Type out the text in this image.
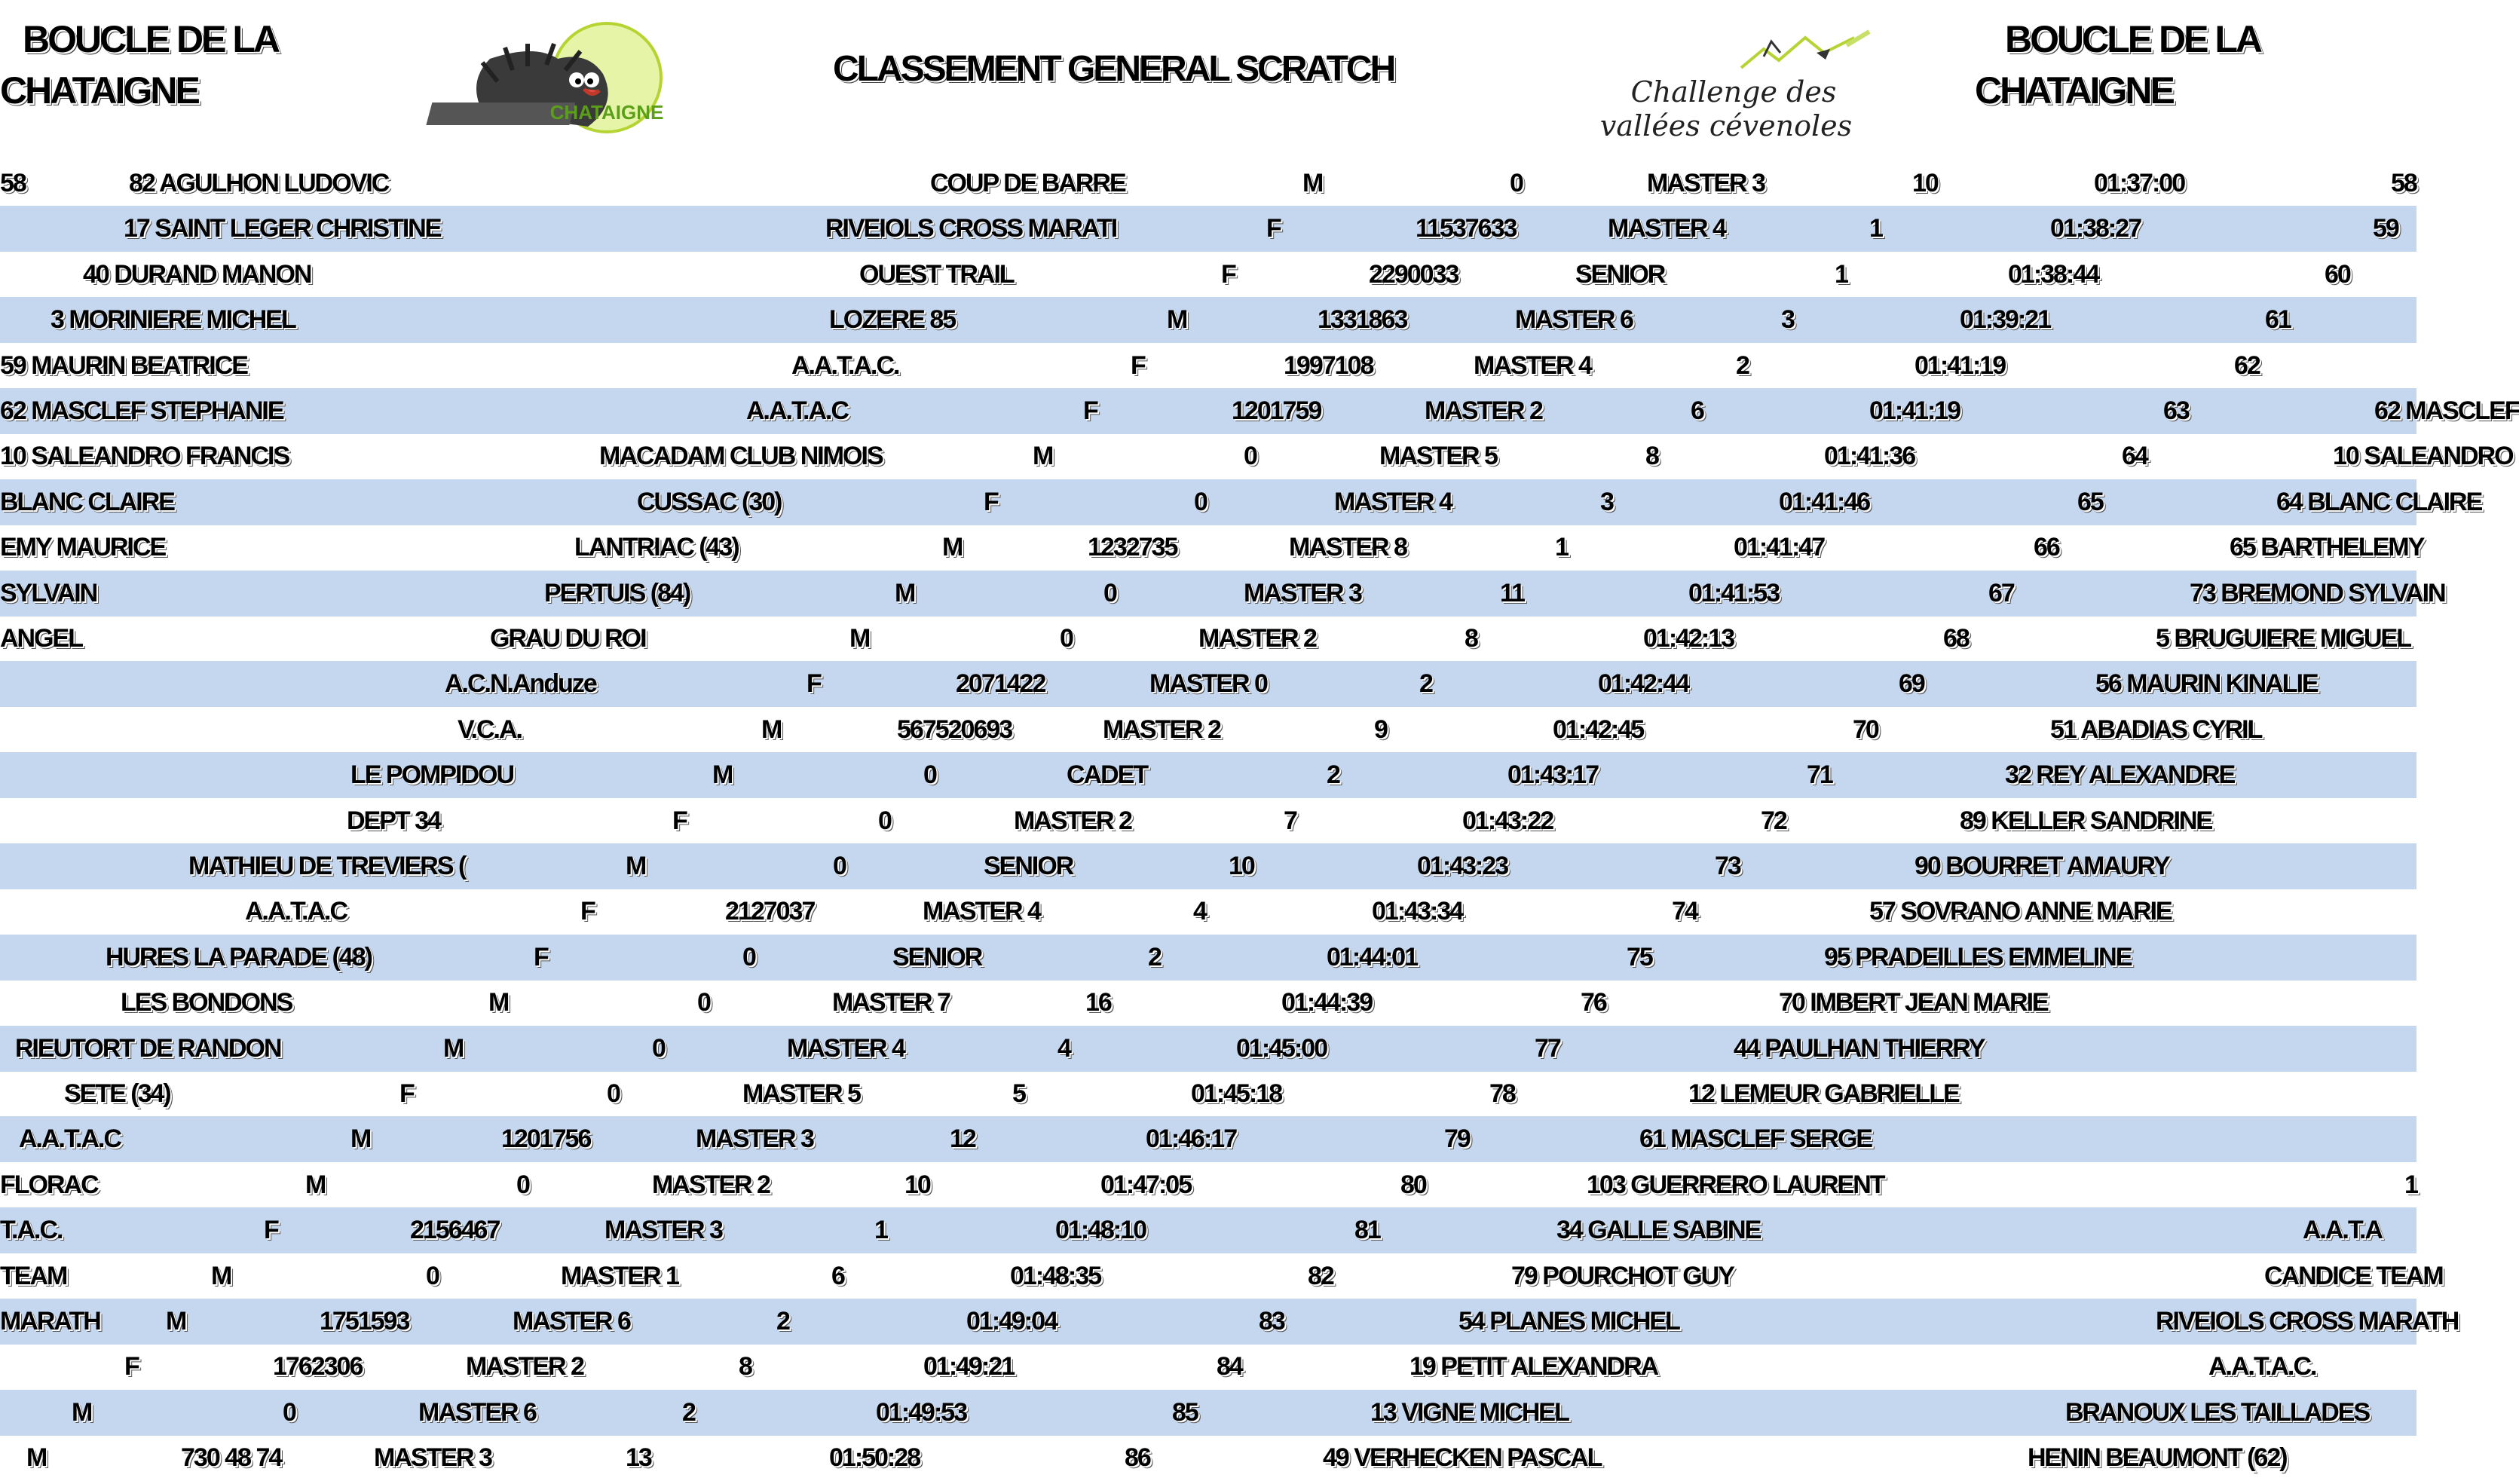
BOUCLE DE LA
CHATAIGNE
CHATAIGNE
CLASSEMENT GENERAL SCRATCH
Challenge des
vallées cévenoles
BOUCLE DE LA
CHATAIGNE
58	82 AGULHON LUDOVIC	COUP DE BARRE	M	0	MASTER 3	10	01:37:00	58
17 SAINT LEGER CHRISTINE	RIVEIOLS CROSS MARATI	F	11537633	MASTER 4	1	01:38:27	59
40 DURAND MANON	OUEST TRAIL	F	2290033	SENIOR	1	01:38:44	60
3 MORINIERE MICHEL	LOZERE 85	M	1331863	MASTER 6	3	01:39:21	61
59 MAURIN BEATRICE	A.A.T.A.C.	F	1997108	MASTER 4	2	01:41:19	62
62 MASCLEF STEPHANIE	A.A.T.A.C	F	1201759	MASTER 2	6	01:41:19	63	62 MASCLEF
10 SALEANDRO FRANCIS	MACADAM CLUB NIMOIS	M	0	MASTER 5	8	01:41:36	64	10 SALEANDRO
BLANC CLAIRE	CUSSAC (30)	F	0	MASTER 4	3	01:41:46	65	64 BLANC CLAIRE
EMY MAURICE	LANTRIAC (43)	M	1232735	MASTER 8	1	01:41:47	66	65 BARTHELEMY
SYLVAIN	PERTUIS (84)	M	0	MASTER 3	11	01:41:53	67	73 BREMOND SYLVAIN
ANGEL	GRAU DU ROI	M	0	MASTER 2	8	01:42:13	68	5 BRUGUIERE MIGUEL
A.C.N.Anduze	F	2071422	MASTER 0	2	01:42:44	69	56 MAURIN KINALIE
V.C.A.	M	567520693	MASTER 2	9	01:42:45	70	51 ABADIAS CYRIL
LE POMPIDOU	M	0	CADET	2	01:43:17	71	32 REY ALEXANDRE
DEPT 34	F	0	MASTER 2	7	01:43:22	72	89 KELLER SANDRINE
MATHIEU DE TREVIERS (	M	0	SENIOR	10	01:43:23	73	90 BOURRET AMAURY
A.A.T.A.C	F	2127037	MASTER 4	4	01:43:34	74	57 SOVRANO ANNE MARIE
HURES LA PARADE (48)	F	0	SENIOR	2	01:44:01	75	95 PRADEILLES EMMELINE
LES BONDONS	M	0	MASTER 7	16	01:44:39	76	70 IMBERT JEAN MARIE
RIEUTORT DE RANDON	M	0	MASTER 4	4	01:45:00	77	44 PAULHAN THIERRY
SETE (34)	F	0	MASTER 5	5	01:45:18	78	12 LEMEUR GABRIELLE
A.A.T.A.C	M	1201756	MASTER 3	12	01:46:17	79	61 MASCLEF SERGE
FLORAC	M	0	MASTER 2	10	01:47:05	80	103 GUERRERO LAURENT	1
T.A.C.	F	2156467	MASTER 3	1	01:48:10	81	34 GALLE SABINE	A.A.T.A
TEAM	M	0	MASTER 1	6	01:48:35	82	79 POURCHOT GUY	CANDICE TEAM
MARATH	M	1751593	MASTER 6	2	01:49:04	83	54 PLANES MICHEL	RIVEIOLS CROSS MARATH
F	1762306	MASTER 2	8	01:49:21	84	19 PETIT ALEXANDRA	A.A.T.A.C.
M	0	MASTER 6	2	01:49:53	85	13 VIGNE MICHEL	BRANOUX LES TAILLADES
M	730 48 74	MASTER 3	13	01:50:28	86	49 VERHECKEN PASCAL	HENIN BEAUMONT (62)
